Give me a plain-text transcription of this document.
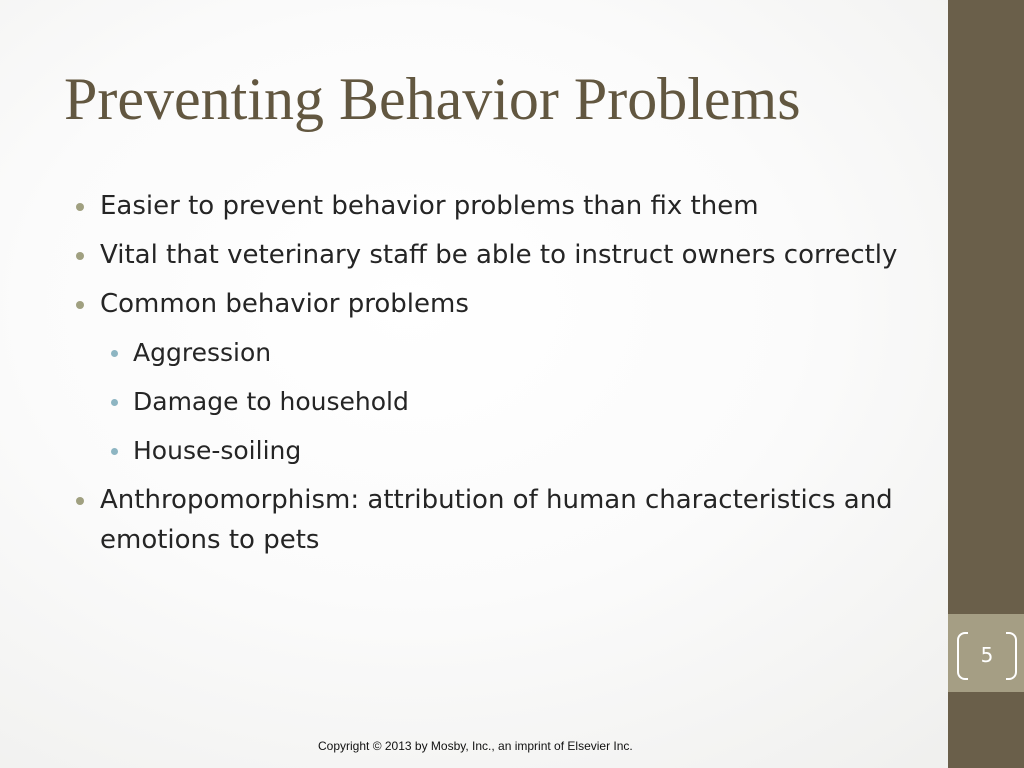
5
Preventing Behavior Problems
Easier to prevent behavior problems than fix them
Vital that veterinary staff be able to instruct owners correctly
Common behavior problems
Aggression
Damage to household
House-soiling
Anthropomorphism: attribution of human characteristics and emotions to pets
Copyright © 2013 by Mosby, Inc., an imprint of Elsevier Inc.
